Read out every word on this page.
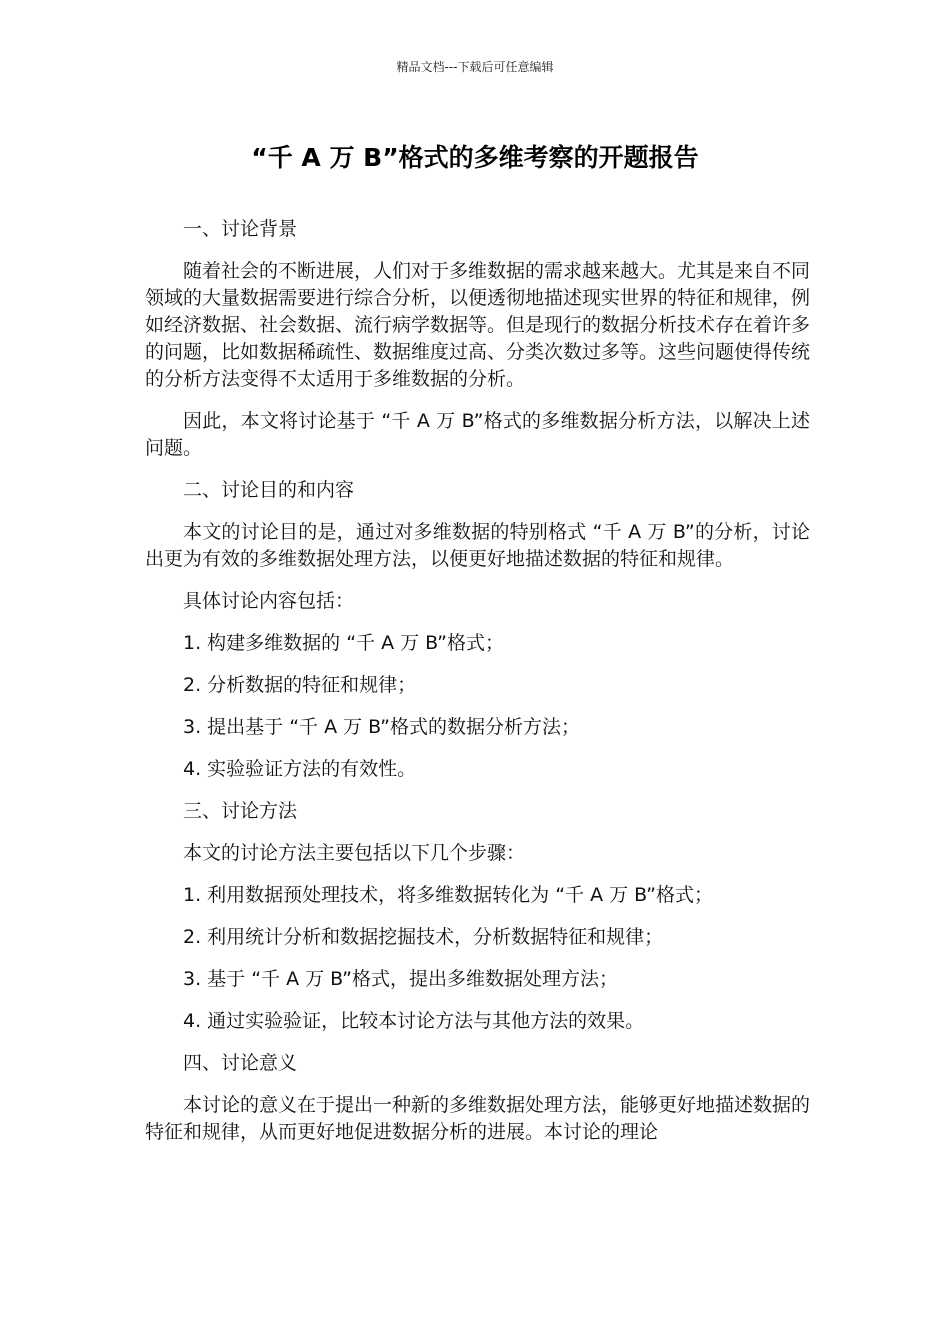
精品文档---下载后可任意编辑
“千 A 万 B”格式的多维考察的开题报告

一、讨论背景

随着社会的不断进展，人们对于多维数据的需求越来越大。尤其是来自不同领域的大量数据需要进行综合分析，以便透彻地描述现实世界的特征和规律，例如经济数据、社会数据、流行病学数据等。但是现行的数据分析技术存在着许多的问题，比如数据稀疏性、数据维度过高、分类次数过多等。这些问题使得传统的分析方法变得不太适用于多维数据的分析。

因此，本文将讨论基于 “千 A 万 B”格式的多维数据分析方法，以解决上述问题。

二、讨论目的和内容

本文的讨论目的是，通过对多维数据的特别格式 “千 A 万 B”的分析，讨论出更为有效的多维数据处理方法，以便更好地描述数据的特征和规律。

具体讨论内容包括：

1. 构建多维数据的 “千 A 万 B”格式；

2. 分析数据的特征和规律；

3. 提出基于 “千 A 万 B”格式的数据分析方法；

4. 实验验证方法的有效性。

三、讨论方法

本文的讨论方法主要包括以下几个步骤：

1. 利用数据预处理技术，将多维数据转化为 “千 A 万 B”格式；

2. 利用统计分析和数据挖掘技术，分析数据特征和规律；

3. 基于 “千 A 万 B”格式，提出多维数据处理方法；

4. 通过实验验证，比较本讨论方法与其他方法的效果。

四、讨论意义

本讨论的意义在于提出一种新的多维数据处理方法，能够更好地描述数据的特征和规律，从而更好地促进数据分析的进展。本讨论的理论
